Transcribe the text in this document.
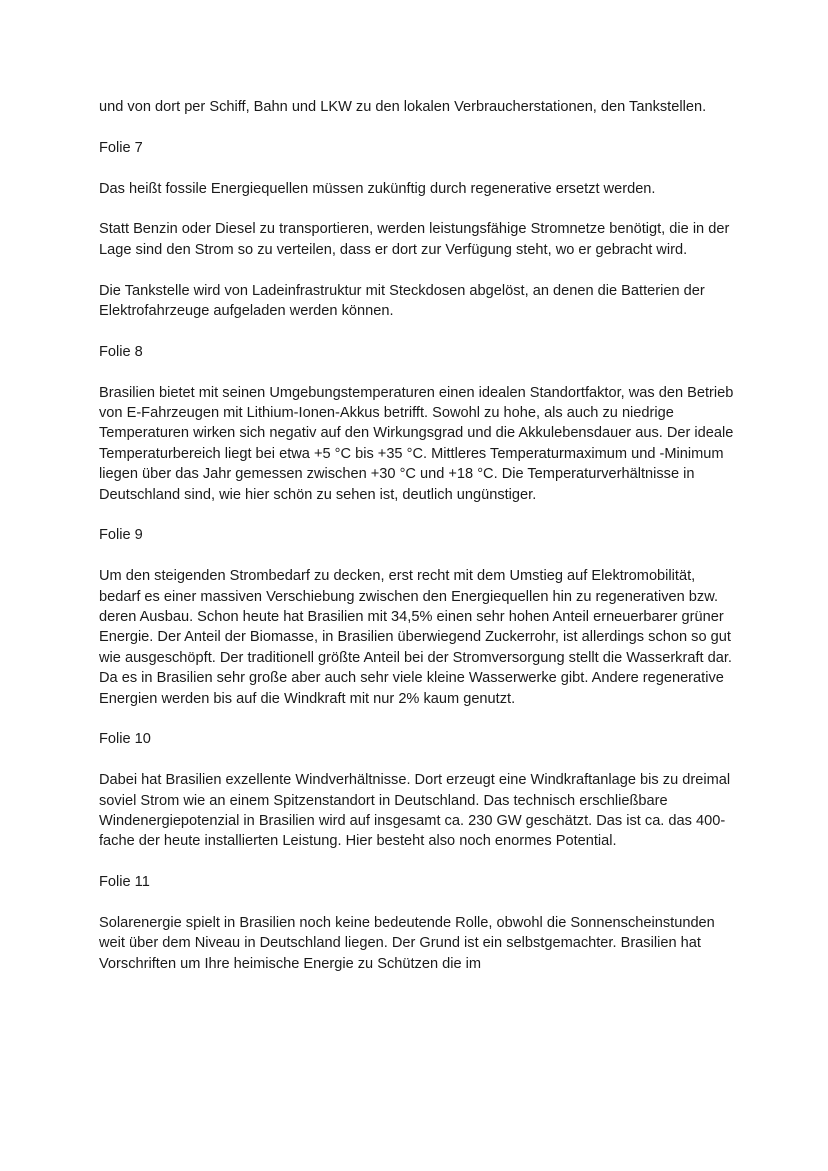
und von dort per Schiff, Bahn und LKW zu den lokalen Verbraucherstationen, den Tankstellen.

Folie 7

Das heißt fossile Energiequellen müssen zukünftig durch regenerative ersetzt werden.

Statt Benzin oder Diesel zu transportieren, werden leistungsfähige Stromnetze benötigt, die in der Lage sind den Strom so zu verteilen, dass er dort zur Verfügung steht, wo er gebracht wird.

Die Tankstelle wird von Ladeinfrastruktur mit Steckdosen abgelöst, an denen die Batterien der Elektrofahrzeuge aufgeladen werden können.

Folie 8

Brasilien bietet mit seinen Umgebungstemperaturen einen idealen Standortfaktor, was den Betrieb von E-Fahrzeugen mit Lithium-Ionen-Akkus betrifft. Sowohl zu hohe, als auch zu niedrige Temperaturen wirken sich negativ auf den Wirkungsgrad und die Akkulebensdauer aus. Der ideale Temperaturbereich liegt bei etwa +5 °C bis +35 °C. Mittleres Temperaturmaximum und -Minimum liegen über das Jahr gemessen zwischen +30 °C und +18 °C. Die Temperaturverhältnisse in Deutschland sind, wie hier schön zu sehen ist, deutlich ungünstiger.

Folie 9

Um den steigenden Strombedarf zu decken, erst recht mit dem Umstieg auf Elektromobilität, bedarf es einer massiven Verschiebung zwischen den Energiequellen hin zu regenerativen bzw. deren Ausbau. Schon heute hat Brasilien mit 34,5% einen sehr hohen Anteil erneuerbarer grüner Energie. Der Anteil der Biomasse, in Brasilien überwiegend Zuckerrohr, ist allerdings schon so gut wie ausgeschöpft. Der traditionell größte Anteil bei der Stromversorgung stellt die Wasserkraft dar. Da es in Brasilien sehr große aber auch sehr viele kleine Wasserwerke gibt. Andere regenerative Energien werden bis auf die Windkraft mit nur 2% kaum genutzt.

Folie 10

Dabei hat Brasilien exzellente Windverhältnisse. Dort erzeugt eine Windkraftanlage bis zu dreimal soviel Strom wie an einem Spitzenstandort in Deutschland. Das technisch erschließbare Windenergiepotenzial in Brasilien wird auf insgesamt ca. 230 GW geschätzt. Das ist ca. das 400-fache der heute installierten Leistung. Hier besteht also noch enormes Potential.

Folie 11

Solarenergie spielt in Brasilien noch keine bedeutende Rolle, obwohl die Sonnenscheinstunden weit über dem Niveau in Deutschland liegen. Der Grund ist ein selbstgemachter. Brasilien hat Vorschriften um Ihre heimische Energie zu Schützen die im
